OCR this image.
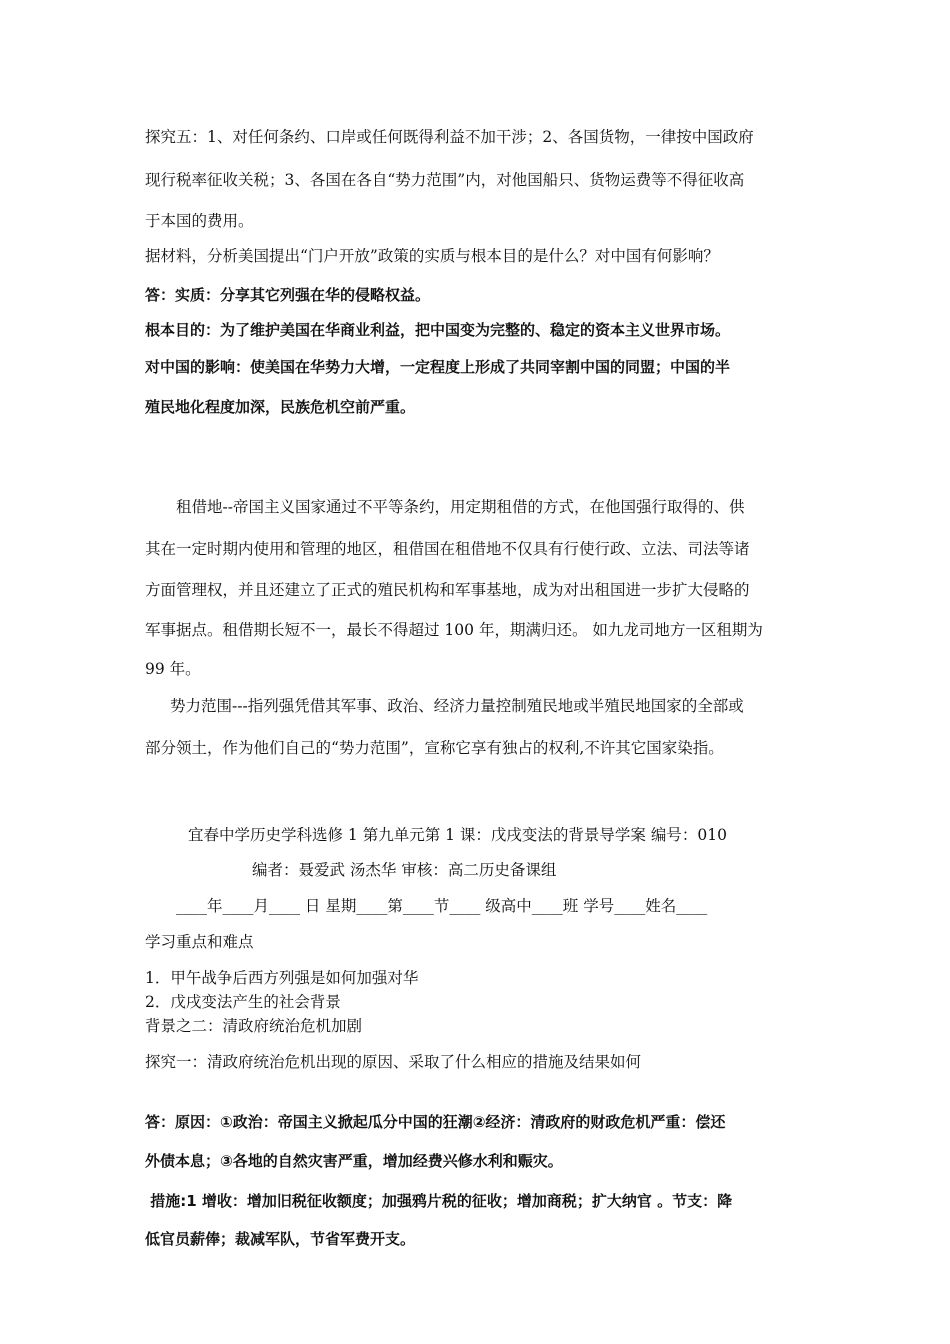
探究五：1、对任何条约、口岸或任何既得利益不加干涉；2、各国货物，一律按中国政府
现行税率征收关税；3、各国在各自“势力范围”内，对他国船只、货物运费等不得征收高
于本国的费用。
据材料，分析美国提出“门户开放”政策的实质与根本目的是什么？对中国有何影响？
答：实质：分享其它列强在华的侵略权益。
根本目的：为了维护美国在华商业利益，把中国变为完整的、稳定的资本主义世界市场。
对中国的影响：使美国在华势力大增，一定程度上形成了共同宰割中国的同盟；中国的半
殖民地化程度加深，民族危机空前严重。
租借地--帝国主义国家通过不平等条约，用定期租借的方式，在他国强行取得的、供
其在一定时期内使用和管理的地区，租借国在租借地不仅具有行使行政、立法、司法等诸
方面管理权，并且还建立了正式的殖民机构和军事基地，成为对出租国进一步扩大侵略的
军事据点。租借期长短不一，最长不得超过 100 年，期满归还。 如九龙司地方一区租期为
99 年。
势力范围---指列强凭借其军事、政治、经济力量控制殖民地或半殖民地国家的全部或
部分领土，作为他们自己的“势力范围”，宣称它享有独占的权利,不许其它国家染指。
宜春中学历史学科选修 1 第九单元第 1 课：戊戌变法的背景导学案 编号：010
编者：聂爱武 汤杰华 审核：高二历史备课组
____年____月____ 日 星期____第____节____ 级高中____班 学号____姓名____
学习重点和难点
1．甲午战争后西方列强是如何加强对华
2．戊戌变法产生的社会背景
背景之二：清政府统治危机加剧
探究一：清政府统治危机出现的原因、采取了什么相应的措施及结果如何
答：原因：①政治：帝国主义掀起瓜分中国的狂潮②经济：清政府的财政危机严重：偿还
外债本息；③各地的自然灾害严重，增加经费兴修水利和赈灾。
措施:1 增收：增加旧税征收额度；加强鸦片税的征收；增加商税；扩大纳官 。节支：降
低官员薪俸；裁减军队，节省军费开支。
